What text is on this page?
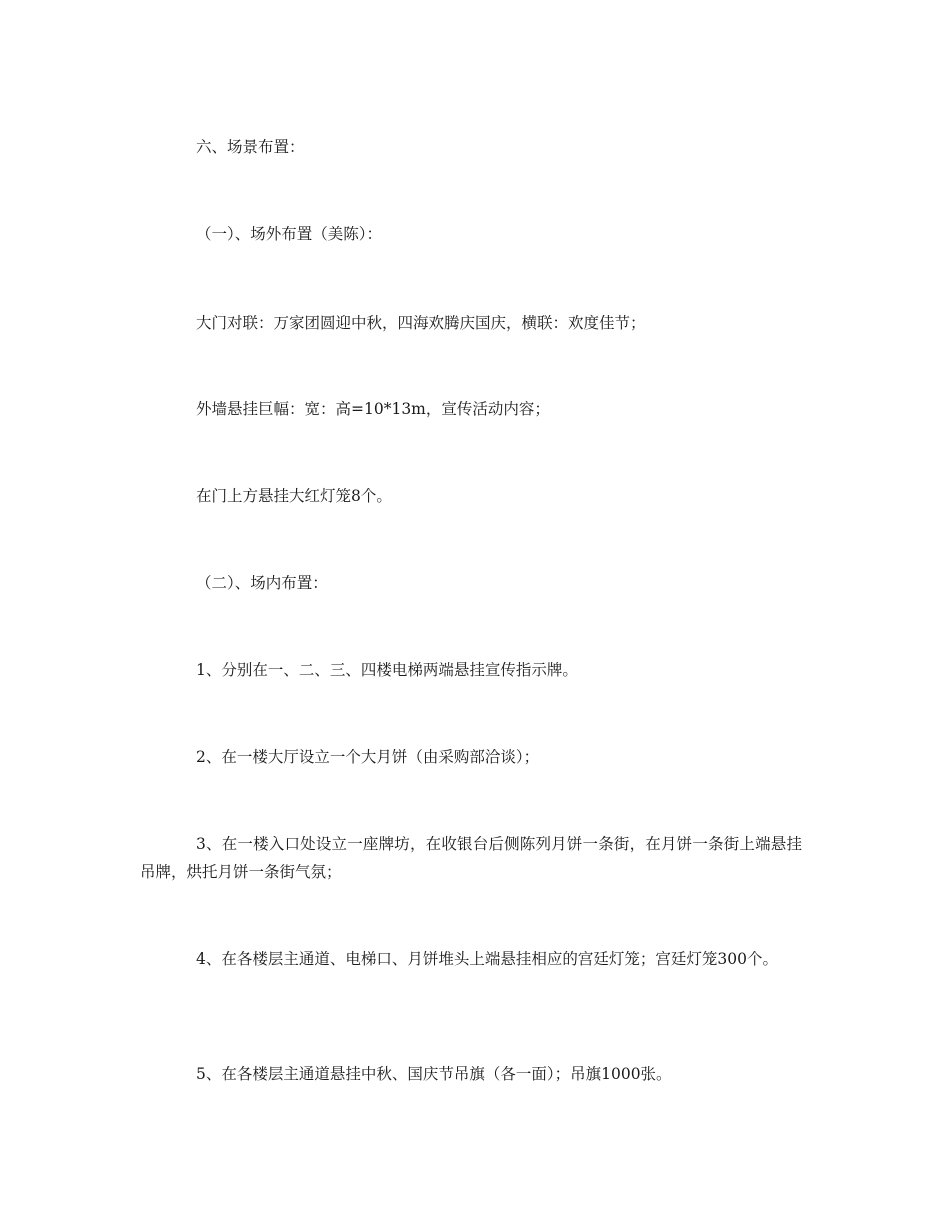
六、场景布置：

（一）、场外布置（美陈）：

大门对联：万家团圆迎中秋，四海欢腾庆国庆，横联：欢度佳节；

外墙悬挂巨幅：宽：高=10*13m，宣传活动内容；

在门上方悬挂大红灯笼8个。

（二）、场内布置：

1、分别在一、二、三、四楼电梯两端悬挂宣传指示牌。

2、在一楼大厅设立一个大月饼（由采购部洽谈）；

3、在一楼入口处设立一座牌坊，在收银台后侧陈列月饼一条街，在月饼一条街上端悬挂吊牌，烘托月饼一条街气氛；

4、在各楼层主通道、电梯口、月饼堆头上端悬挂相应的宫廷灯笼；宫廷灯笼300个。

5、在各楼层主通道悬挂中秋、国庆节吊旗（各一面）；吊旗1000张。
